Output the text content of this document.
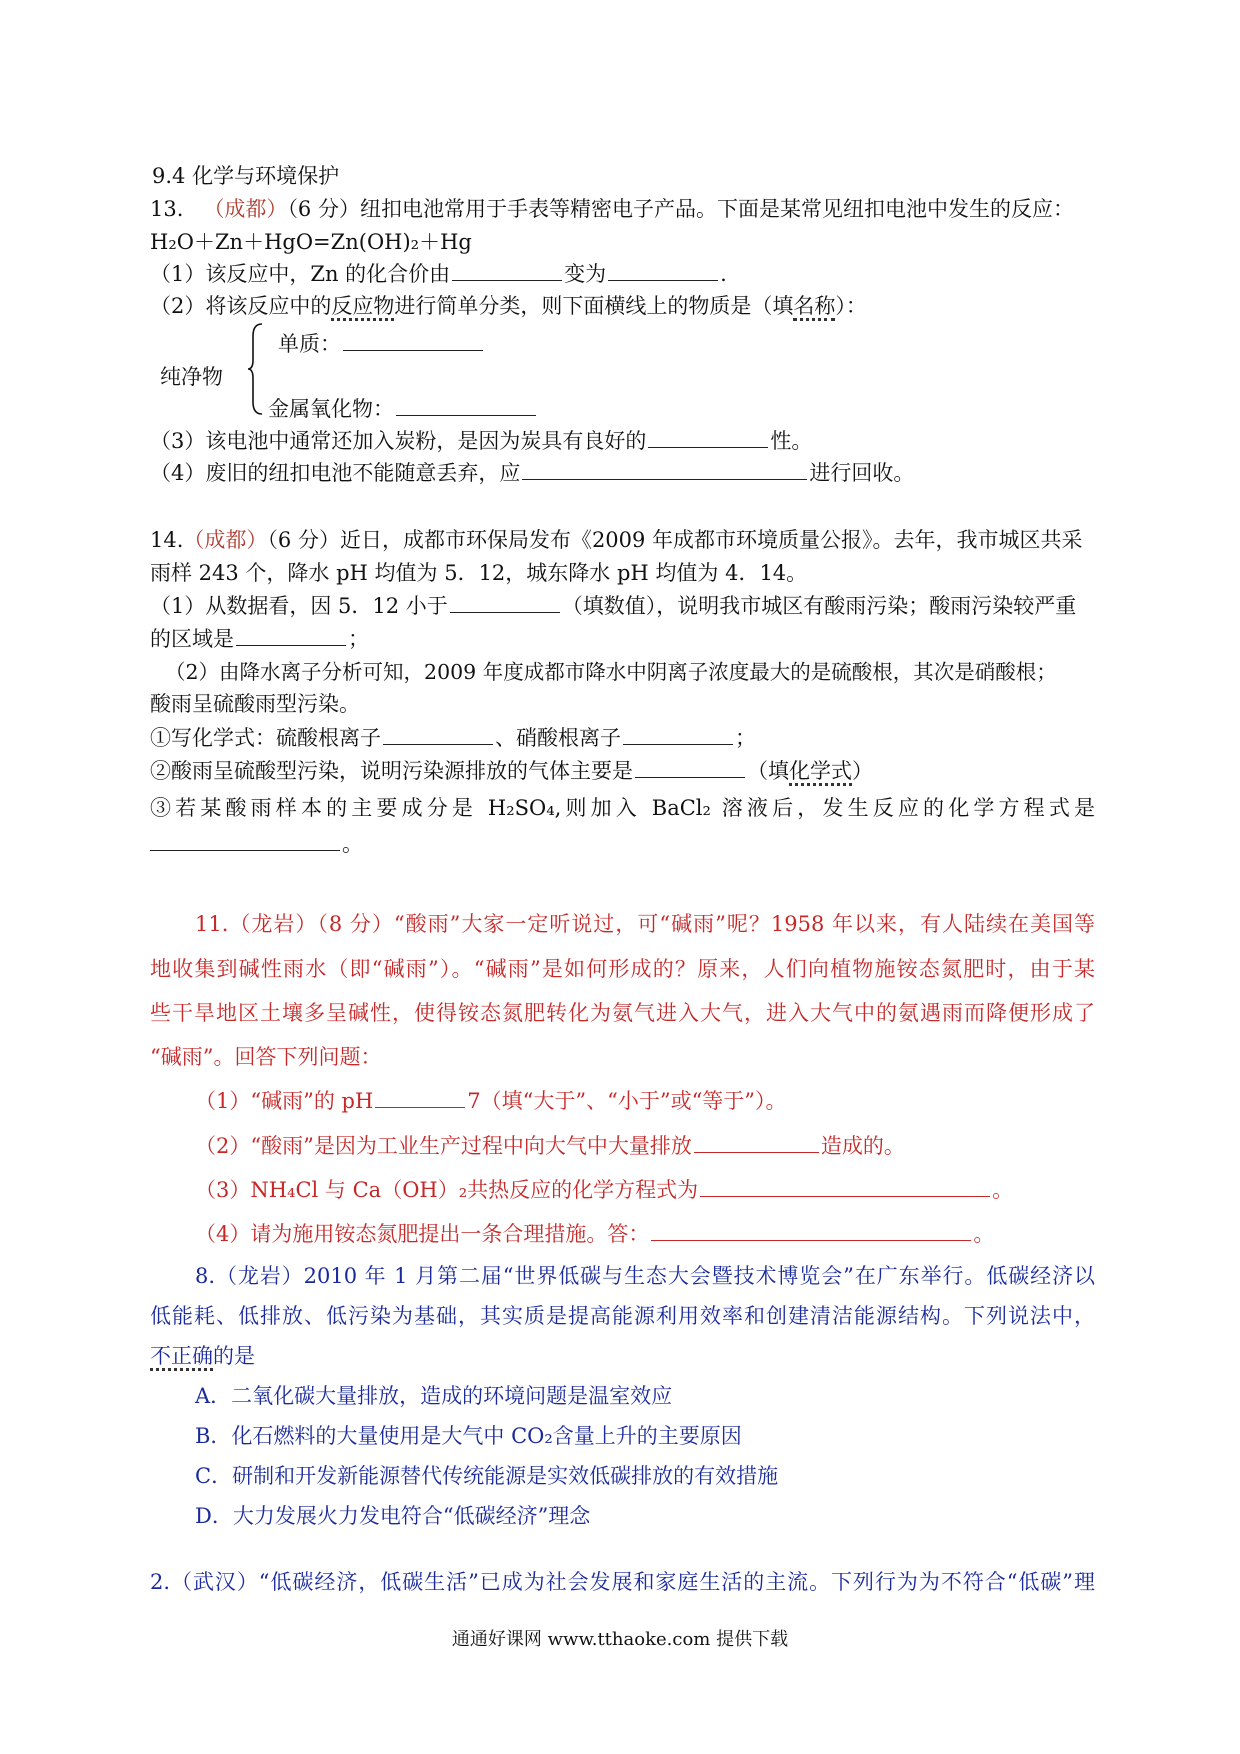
9.4 化学与环境保护
13. （成都）（6 分）纽扣电池常用于手表等精密电子产品。下面是某常见纽扣电池中发生的反应：
H₂O＋Zn＋HgO=Zn(OH)₂＋Hg
（1）该反应中，Zn 的化合价由	变为	.
（2）将该反应中的反应物进行简单分类，则下面横线上的物质是（填名称）：
单质：
纯净物
金属氧化物：
（3）该电池中通常还加入炭粉，是因为炭具有良好的	性。
（4）废旧的纽扣电池不能随意丢弃，应	进行回收。
14.（成都）（6 分）近日，成都市环保局发布《2009 年成都市环境质量公报》。去年，我市城区共采
雨样 243 个，降水 pH 均值为 5．12，城东降水 pH 均值为 4．14。
（1）从数据看，因 5．12 小于	（填数值），说明我市城区有酸雨污染；酸雨污染较严重
的区域是	；
（2）由降水离子分析可知，2009 年度成都市降水中阴离子浓度最大的是硫酸根，其次是硝酸根；
酸雨呈硫酸雨型污染。
①写化学式：硫酸根离子	、硝酸根离子	；
②酸雨呈硫酸型污染，说明污染源排放的气体主要是	（填化学式）
③若某酸雨样本的主要成分是 H₂SO₄,则加入 BaCl₂ 溶液后，发生反应的化学方程式是
。
11.（龙岩）（8 分）“酸雨”大家一定听说过，可“碱雨”呢？1958 年以来，有人陆续在美国等
地收集到碱性雨水（即“碱雨”）。“碱雨”是如何形成的？原来，人们向植物施铵态氮肥时，由于某
些干旱地区土壤多呈碱性，使得铵态氮肥转化为氨气进入大气，进入大气中的氨遇雨而降便形成了
“碱雨”。回答下列问题：
（1）“碱雨”的 pH	7（填“大于”、“小于”或“等于”）。
（2）“酸雨”是因为工业生产过程中向大气中大量排放	造成的。
（3）NH₄Cl 与 Ca（OH）₂共热反应的化学方程式为	。
（4）请为施用铵态氮肥提出一条合理措施。答：	。
8.（龙岩）2010 年 1 月第二届“世界低碳与生态大会暨技术博览会”在广东举行。低碳经济以
低能耗、低排放、低污染为基础，其实质是提高能源利用效率和创建清洁能源结构。下列说法中，
不正确的是
A．二氧化碳大量排放，造成的环境问题是温室效应
B．化石燃料的大量使用是大气中 CO₂含量上升的主要原因
C．研制和开发新能源替代传统能源是实效低碳排放的有效措施
D．大力发展火力发电符合“低碳经济”理念
2.（武汉）“低碳经济，低碳生活”已成为社会发展和家庭生活的主流。下列行为为不符合“低碳”理
通通好课网 www.tthaoke.com 提供下载
